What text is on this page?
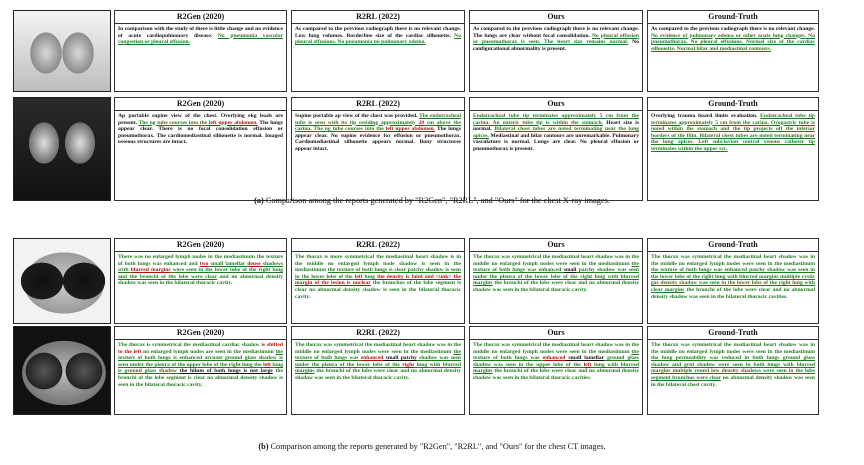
R2Gen (2020)
In comparison with the study of there is little change and no evidence of acute cardiopulmonary disease. No pneumonia vascular congestion or pleural effusion.
R2RL (2022)
As compared to the previous radiograph there is no relevant change. Low lung volumes. Borderline size of the cardiac silhouette. No pleural effusions. No pneumonia no pulmonary edema.
Ours
As compared to the previous radiograph there is no relevant change. The lungs are clear without focal consolidation. No pleural effusion or pneumothorax is seen. The heart size remains normal. No configurational abnormality is present.
Ground-Truth
As compared to the previous radiograph there is no relevant change. No evidence of pulmonary edema or other acute lung changes. No pneumothorax. No pleural effusions. Normal size of the cardiac silhouette. Normal hilar and mediastinal contours.
R2Gen (2020)
Ap portable supine view of the chest. Overlying ekg leads are present. The ng tube courses into the left upper abdomen. The lungs appear clear. There is no focal consolidation effusion or pneumothorax. The cardiomediastinal silhouette is normal. Imaged osseous structures are intact.
R2RL (2022)
Supine portable ap view of the chest was provided. The endotracheal tube is seen with its tip residing approximately 28 cm above the carina. The ng tube courses into the left upper abdomen. The lungs appear clear. No supine evidence for effusion or pneumothorax. Cardiomediastinal silhouette appears normal. Bony structures appear intact.
Ours
Endotracheal tube tip terminates approximately 5 cm from the carina. An enteric tube tip is within the stomach. Heart size is normal. Bilateral chest tubes are noted terminating near the lung apices. Mediastinal and hilar contours are unremarkable. Pulmonary vasculature is normal. Lungs are clear. No pleural effusion or pneumothorax is present.
Ground-Truth
Overlying trauma board limits evaluation. Endotracheal tube tip terminates approximately 5 cm from the carina. Orogastric tube is noted within the stomach and the tip projects off the inferior borders of the film. Bilateral chest tubes are noted terminating near the lung apices. Left subclavian central venous catheter tip terminates within the upper svc.
(a) Comparison among the reports generated by "R2Gen", "R2RL", and "Ours" for the chest X-ray images.
R2Gen (2020)
There was no enlarged lymph nodes in the mediastinum the texture of both lungs was enhanced and two small lamellar dense shadows with blurred margins were seen in the lower lobe of the right lung and the bronchi of the lobe were clear and no abnormal density shadow was seen in the bilateral thoracic cavity.
R2RL (2022)
The thorax is more symmetrical the mediastinal heart shadow is in the middle no enlarged lymph node shadow is seen in the mediastinum the texture of both lungs is clear patchy shadow is seen in the lower lobe of the left lung the density is faint and <unk> the margin of the lesion is unclear the bronchus of the lobe segment is clear no abnormal density shadow is seen in the bilateral thoracic cavity.
Ours
The thorax was symmetrical the mediastinal heart shadow was in the middle no enlarged lymph nodes were seen in the mediastinum the texture of both lungs was enhanced small patchy shadow was seen under the pleura of the lower lobe of the right lung with blurred margins the bronchi of the lobe were clear and no abnormal density shadow was seen in the bilateral thoracic cavity.
Ground-Truth
The thorax was symmetrical the mediastinal heart shadow was in the middle no enlarged lymph nodes were seen in the mediastinum the texture of both lungs was enhanced patchy shadow was seen in the lower lobe of the right lung with blurred margins multiple cystic gas density shadow was seen in the lower lobe of the right lung with clear margins the bronchi of the lobe were clear and no abnormal density shadow was seen in the bilateral thoracic cavities.
R2Gen (2020)
The thorax is symmetrical the mediastinal cardiac shadow is shifted to the left no enlarged lymph nodes are seen in the mediastinum the texture of both lungs is enhanced arcuate ground glass shadow is seen under the pleura of the upper lobe of the right lung the left lung is ground glass shadow the hilum of both lungs is not large the bronchi of the lobe segment is clear no abnormal density shadow is seen in the bilateral thoracic cavity.
R2RL (2022)
The thorax was symmetrical the mediastinal heart shadow was in the middle no enlarged lymph nodes were seen in the mediastinum the texture of both lungs was enhanced small patchy shadow was seen under the pleura of the lower lobe of the right lung with blurred margins the bronchi of the lobe were clear and no abnormal density shadow was seen in the bilateral thoracic cavity.
Ours
The thorax was symmetrical the mediastinal heart shadow was in the middle no enlarged lymph nodes were seen in the mediastinum the texture of both lungs was enhanced small lamellar ground glass shadow was seen in the upper lobe of the left lung with blurred margins the bronchi of the lobe were clear and no abnormal density shadow was seen in the bilateral thoracic cavities.
Ground-Truth
The thorax was symmetrical the mediastinal heart shadow was in the middle no enlarged lymph nodes were seen in the mediastinum the lung permeability was reduced in both lungs ground glass shadow and grid shadow were seen in both lungs with blurred margins multiple round low density shadows were seen in the lobe segment bronchus were clear no abnormal density shadow was seen in the bilateral chest cavity.
(b) Comparison among the reports generated by "R2Gen", "R2RL", and "Ours" for the chest CT images.
